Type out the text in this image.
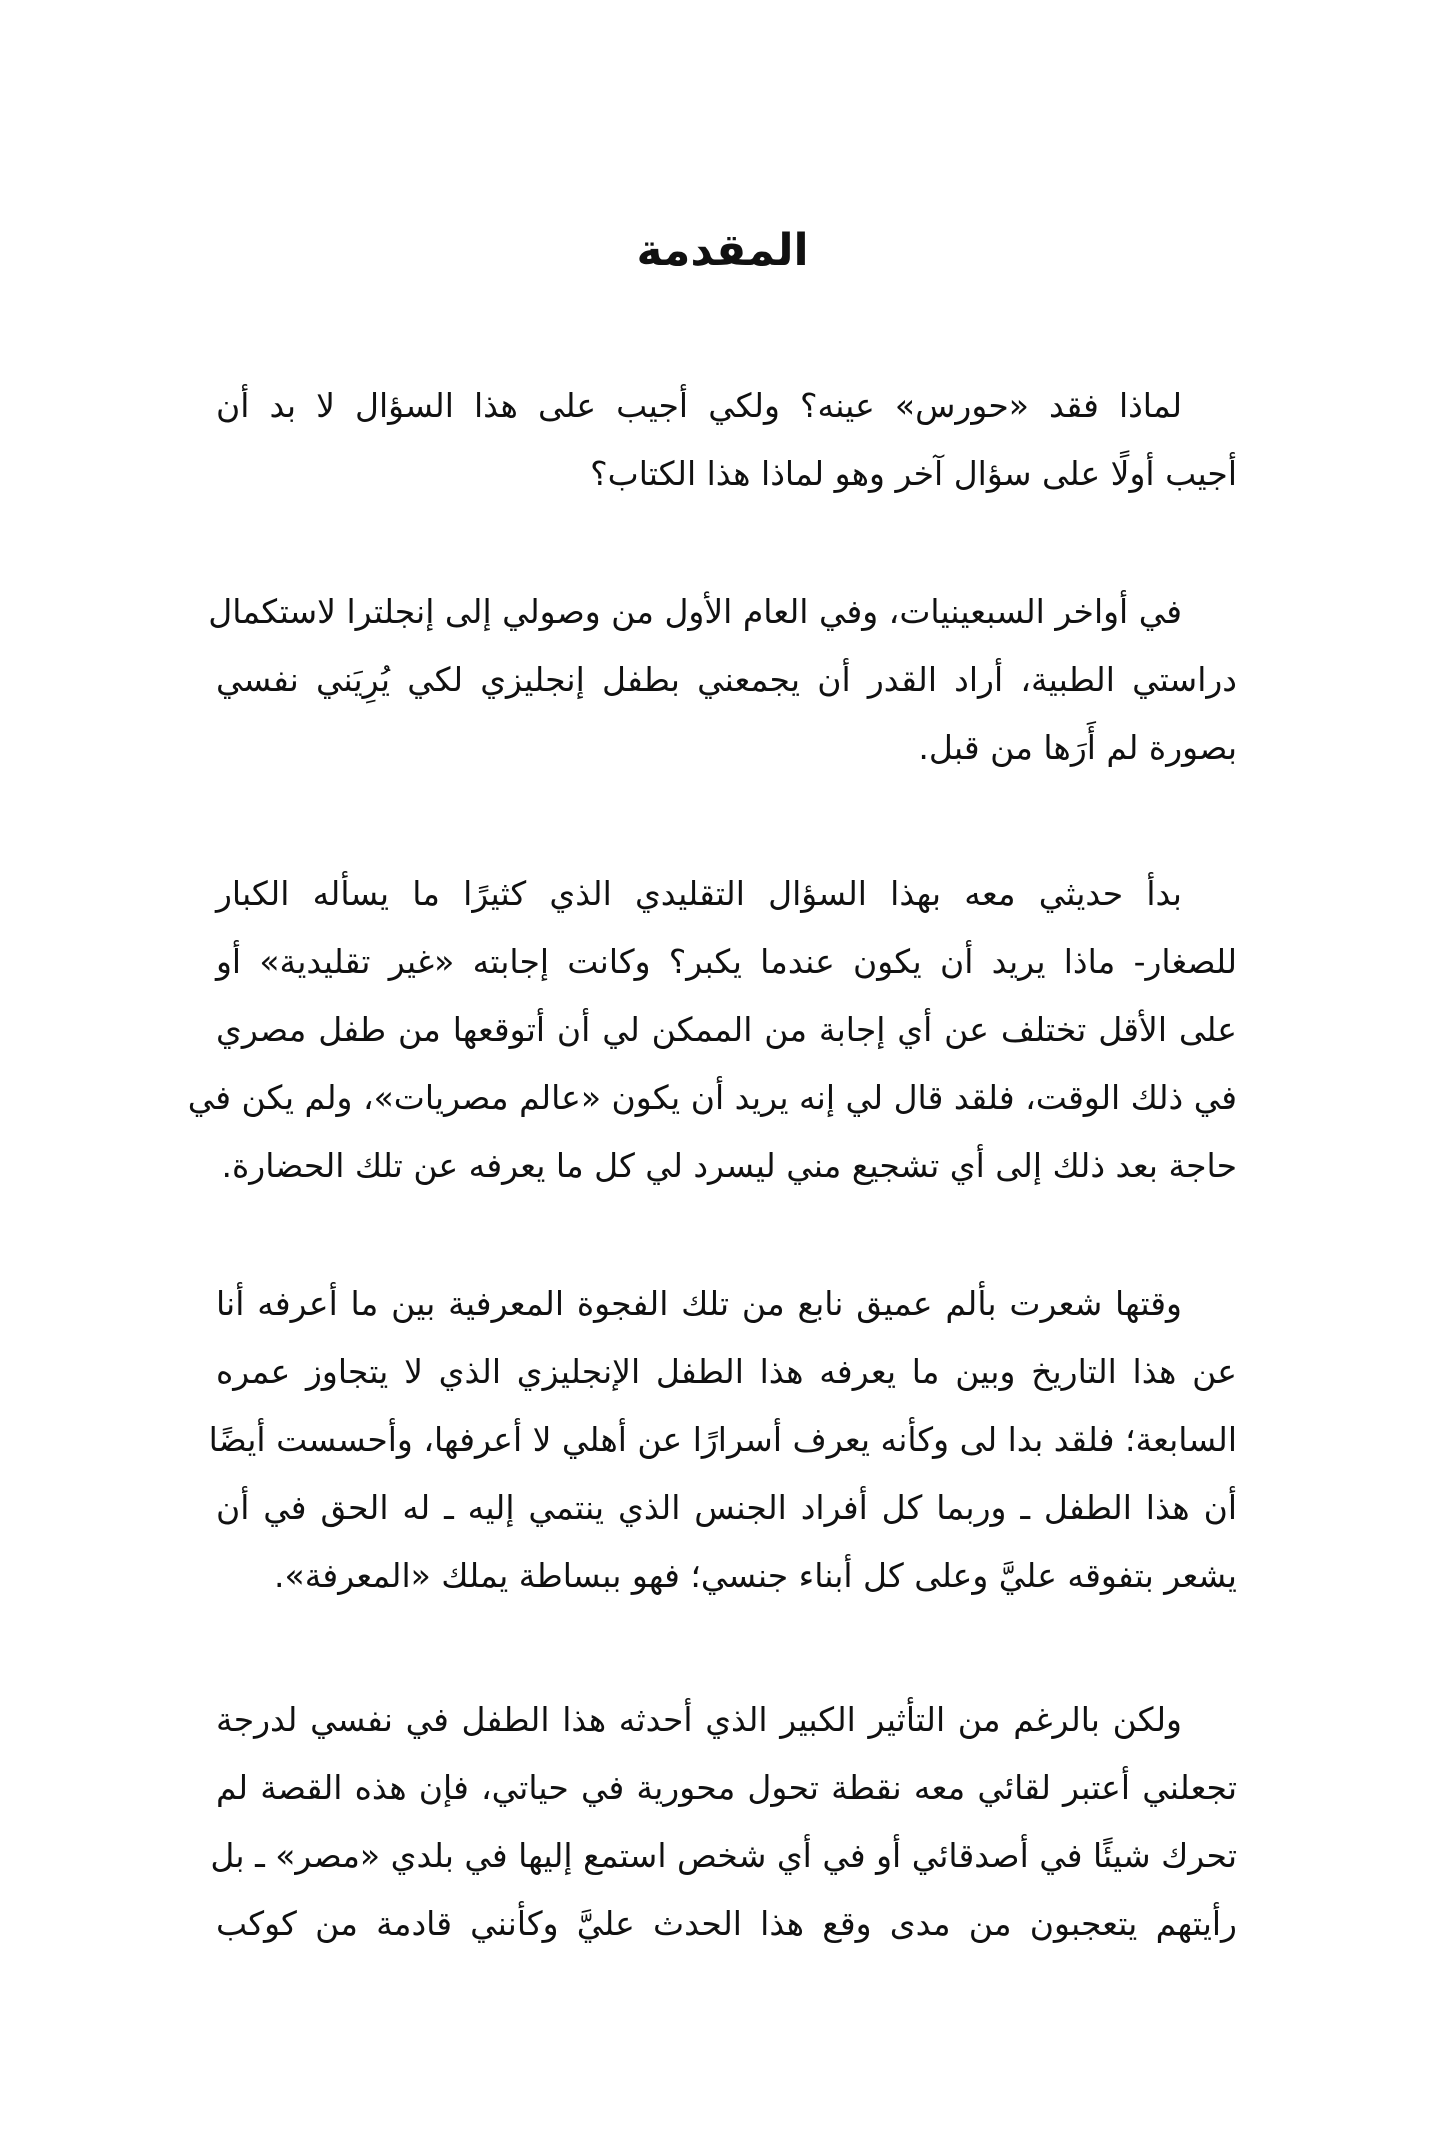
المقدمة
لماذا فقد «حورس» عينه؟ ولكي أجيب على هذا السؤال لا بد أن
أجيب أولًا على سؤال آخر وهو لماذا هذا الكتاب؟
في أواخر السبعينيات، وفي العام الأول من وصولي إلى إنجلترا لاستكمال
دراستي الطبية، أراد القدر أن يجمعني بطفل إنجليزي لكي يُرِيَني نفسي
بصورة لم أَرَها من قبل.
بدأ حديثي معه بهذا السؤال التقليدي الذي كثيرًا ما يسأله الكبار
للصغار- ماذا يريد أن يكون عندما يكبر؟ وكانت إجابته «غير تقليدية» أو
على الأقل تختلف عن أي إجابة من الممكن لي أن أتوقعها من طفل مصري
في ذلك الوقت، فلقد قال لي إنه يريد أن يكون «عالم مصريات»، ولم يكن في
حاجة بعد ذلك إلى أي تشجيع مني ليسرد لي كل ما يعرفه عن تلك الحضارة.
وقتها شعرت بألم عميق نابع من تلك الفجوة المعرفية بين ما أعرفه أنا
عن هذا التاريخ وبين ما يعرفه هذا الطفل الإنجليزي الذي لا يتجاوز عمره
السابعة؛ فلقد بدا لى وكأنه يعرف أسرارًا عن أهلي لا أعرفها، وأحسست أيضًا
أن هذا الطفل ـ وربما كل أفراد الجنس الذي ينتمي إليه ـ له الحق في أن
يشعر بتفوقه عليَّ وعلى كل أبناء جنسي؛ فهو ببساطة يملك «المعرفة».
ولكن بالرغم من التأثير الكبير الذي أحدثه هذا الطفل في نفسي لدرجة
تجعلني أعتبر لقائي معه نقطة تحول محورية في حياتي، فإن هذه القصة لم
تحرك شيئًا في أصدقائي أو في أي شخص استمع إليها في بلدي «مصر» ـ بل
رأيتهم يتعجبون من مدى وقع هذا الحدث عليَّ وكأنني قادمة من كوكب
